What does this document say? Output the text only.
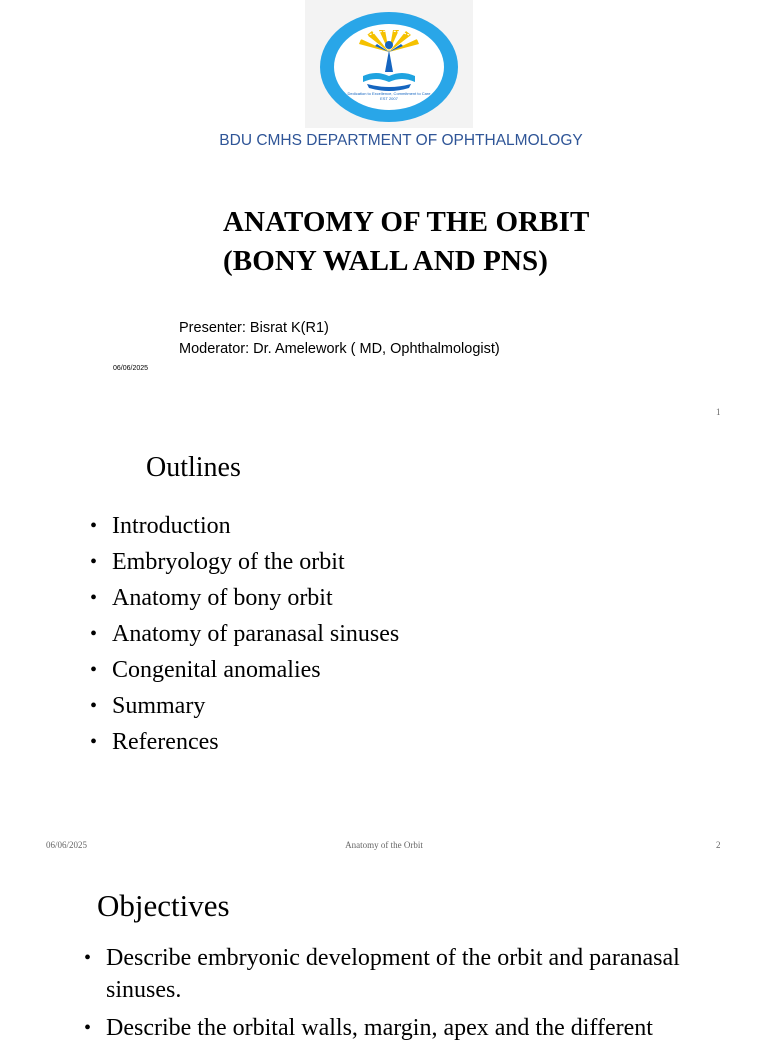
Dedication to Excellence, Commitment to Care
EST 2007
BDU CMHS DEPARTMENT OF OPHTHALMOLOGY
ANATOMY OF THE ORBIT
(BONY WALL AND PNS)
Presenter: Bisrat K(R1)
Moderator: Dr. Amelework ( MD, Ophthalmologist)
06/06/2025
1
Outlines
• Introduction
• Embryology of the orbit
• Anatomy of bony orbit
• Anatomy of paranasal sinuses
• Congenital anomalies
• Summary
• References
06/06/2025	Anatomy of the Orbit	2
Objectives
• Describe embryonic development of the orbit and paranasal sinuses.
• Describe the orbital walls, margin, apex and the different
